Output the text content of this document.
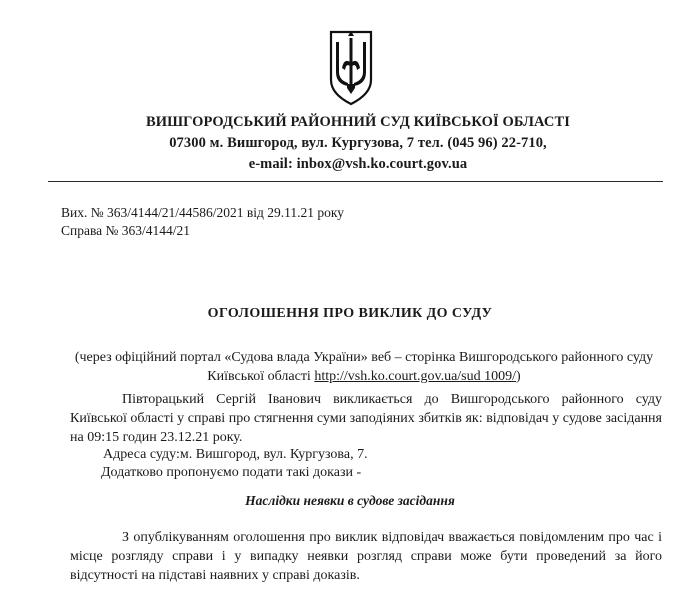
ВИШГОРОДСЬКИЙ РАЙОННИЙ СУД КИЇВСЬКОЇ ОБЛАСТІ
07300 м. Вишгород, вул. Кургузова, 7 тел. (045 96) 22-710,
e-mail: inbox@vsh.ko.court.gov.ua
Вих. № 363/4144/21/44586/2021 від 29.11.21 року
Справа № 363/4144/21
ОГОЛОШЕННЯ ПРО ВИКЛИК ДО СУДУ
(через офіційний портал «Судова влада України» веб – сторінка Вишгородського районного суду Київської області http://vsh.ko.court.gov.ua/sud 1009/)
Півторацький Сергій Іванович викликається до Вишгородського районного суду Київської області у справі про стягнення суми заподіяних збитків як: відповідач у судове засідання на 09:15 годин 23.12.21 року.
Адреса суду:м. Вишгород, вул. Кургузова, 7.
Додатково пропонуємо подати такі докази -
Наслідки неявки в судове засідання
З опублікуванням оголошення про виклик відповідач вважається повідомленим про час і місце розгляду справи і у випадку неявки розгляд справи може бути проведений за його відсутності на підставі наявних у справі доказів.
